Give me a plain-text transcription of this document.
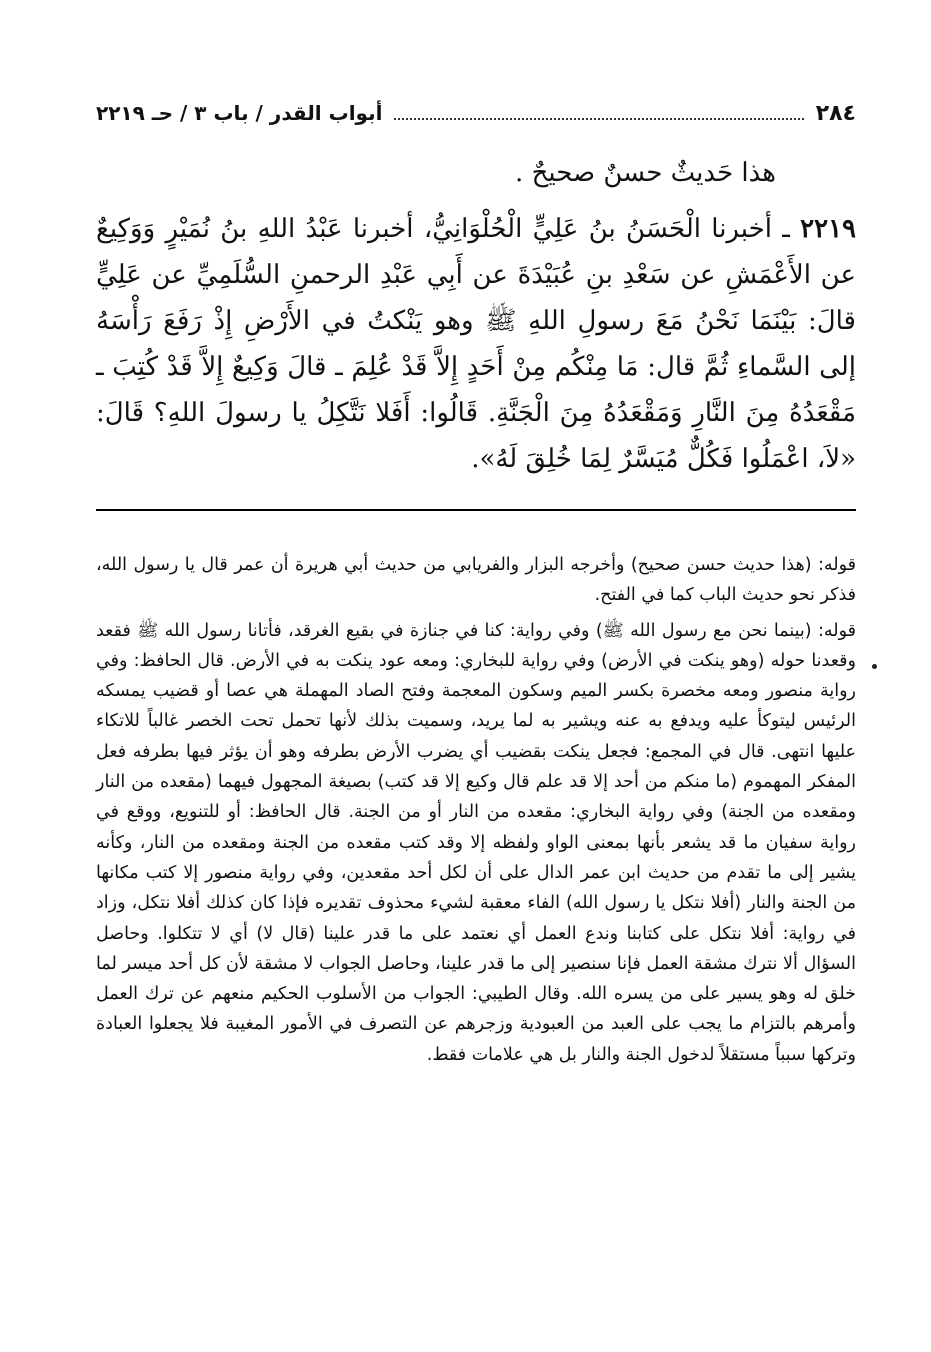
٢٨٤
أبواب القدر / باب ٣ / حـ ٢٢١٩

هذا حَديثٌ حسنٌ صحيحٌ .

٢٢١٩ ـ أخبرنا الْحَسَنُ بنُ عَلِيٍّ الْحُلْوَانِيُّ، أخبرنا عَبْدُ اللهِ بنُ نُمَيْرٍ وَوَكِيعٌ عن الأَعْمَشِ عن سَعْدِ بنِ عُبَيْدَةَ عن أَبِي عَبْدِ الرحمنِ السُّلَمِيِّ عن عَلِيٍّ قالَ: بَيْنَمَا نَحْنُ مَعَ رسولِ اللهِ ﷺ وهو يَنْكتُ في الأَرْضِ إِذْ رَفَعَ رَأْسَهُ إلى السَّماءِ ثُمَّ قال: مَا مِنْكُم مِنْ أَحَدٍ إِلاَّ قَدْ عُلِمَ ـ قالَ وَكِيعٌ إِلاَّ قَدْ كُتِبَ ـ مَقْعَدُهُ مِنَ النَّارِ وَمَقْعَدُهُ مِنَ الْجَنَّةِ. قَالُوا: أَفَلا نَتَّكِلُ يا رسولَ اللهِ؟ قَالَ: «لاَ، اعْمَلُوا فَكُلٌّ مُيَسَّرٌ لِمَا خُلِقَ لَهُ».

قوله: (هذا حديث حسن صحيح) وأخرجه البزار والفريابي من حديث أبي هريرة أن عمر قال يا رسول الله، فذكر نحو حديث الباب كما في الفتح.

قوله: (بينما نحن مع رسول الله ﷺ) وفي رواية: كنا في جنازة في بقيع الغرقد، فأتانا رسول الله ﷺ فقعد وقعدنا حوله (وهو ينكت في الأرض) وفي رواية للبخاري: ومعه عود ينكت به في الأرض. قال الحافظ: وفي رواية منصور ومعه مخصرة بكسر الميم وسكون المعجمة وفتح الصاد المهملة هي عصا أو قضيب يمسكه الرئيس ليتوكأ عليه ويدفع به عنه ويشير به لما يريد، وسميت بذلك لأنها تحمل تحت الخصر غالباً للاتكاء عليها انتهى. قال في المجمع: فجعل ينكت بقضيب أي يضرب الأرض بطرفه وهو أن يؤثر فيها بطرفه فعل المفكر المهموم (ما منكم من أحد إلا قد علم قال وكيع إلا قد كتب) بصيغة المجهول فيهما (مقعده من النار ومقعده من الجنة) وفي رواية البخاري: مقعده من النار أو من الجنة. قال الحافظ: أو للتنويع، ووقع في رواية سفيان ما قد يشعر بأنها بمعنى الواو ولفظه إلا وقد كتب مقعده من الجنة ومقعده من النار، وكأنه يشير إلى ما تقدم من حديث ابن عمر الدال على أن لكل أحد مقعدين، وفي رواية منصور إلا كتب مكانها من الجنة والنار (أفلا نتكل يا رسول الله) الفاء معقبة لشيء محذوف تقديره فإذا كان كذلك أفلا نتكل، وزاد في رواية: أفلا نتكل على كتابنا وندع العمل أي نعتمد على ما قدر علينا (قال لا) أي لا تتكلوا. وحاصل السؤال ألا نترك مشقة العمل فإنا سنصير إلى ما قدر علينا، وحاصل الجواب لا مشقة لأن كل أحد ميسر لما خلق له وهو يسير على من يسره الله. وقال الطيبي: الجواب من الأسلوب الحكيم منعهم عن ترك العمل وأمرهم بالتزام ما يجب على العبد من العبودية وزجرهم عن التصرف في الأمور المغيبة فلا يجعلوا العبادة وتركها سبباً مستقلاً لدخول الجنة والنار بل هي علامات فقط.
